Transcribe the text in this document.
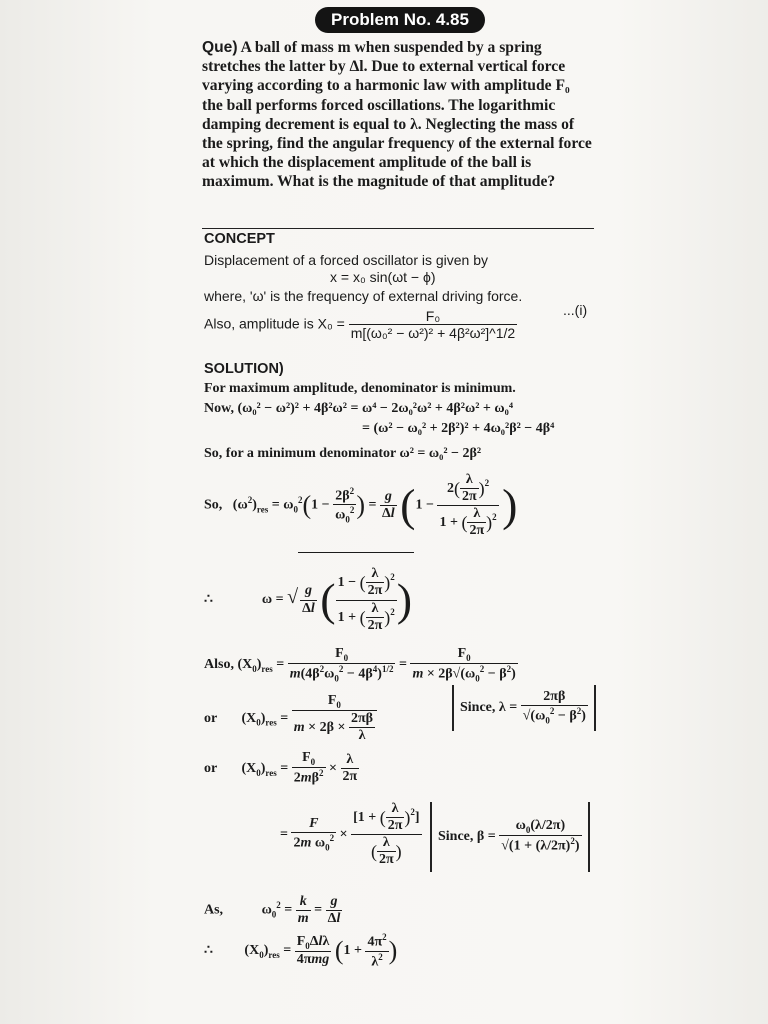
Problem No. 4.85
Que) A ball of mass m when suspended by a spring stretches the latter by Δl. Due to external vertical force varying according to a harmonic law with amplitude F₀ the ball performs forced oscillations. The logarithmic damping decrement is equal to λ. Neglecting the mass of the spring, find the angular frequency of the external force at which the displacement amplitude of the ball is maximum. What is the magnitude of that amplitude?
CONCEPT
Displacement of a forced oscillator is given by
x = x₀ sin(ωt − ϕ)
where, 'ω' is the frequency of external driving force.
Also, amplitude is $X_0 = \frac{\text{F₀}}{\text{m[(ω₀² − ω²)² + 4β²ω²]\textasciicircum{}1/2}}$	...(i)
SOLUTION)
For maximum amplitude, denominator is minimum.
Now, (ω₀² − ω²)² + 4β²ω² = ω⁴ − 2ω₀²ω² + 4β²ω² + ω₀⁴
= (ω² − ω₀² + 2β²)² + 4ω₀²β² − 4β⁴
So, for a minimum denominator ω² = ω₀² − 2β²
So,   $(\omega^2)_{res} = \omega_0^2(1 - \frac{2\beta^2}{\omega_0^2}$ ) = $\frac{g}{\Delta l} (1 - \frac{2( \frac{\lambda}{2\pi} )^2}{1 + ( \frac{\lambda}{2\pi} )^2}$ )
∴              ω = √ $\frac{g}{\Delta l}$ ( $\frac{1 - ( \frac{\lambda}{2\pi} )^2}{1 + ( \frac{\lambda}{2\pi} )^2}$ )
Also, $(X_0)_{res} = \frac{F_0}{m(4\beta^2\omega_0^2 - 4\beta^4)^{1/2}} = \frac{F_0}{m \times 2\beta√(\omega_0^2 - \beta^2)}$
or       $(X_0)_{res} = \frac{F_0}{m \times 2\beta \times \frac{2\pi\beta}{\lambda}}$	Since, $\lambda = \frac{2\pi\beta}{√(\omega_0^2 - \beta^2)}$
or       $(X_0)_{res} = \frac{F_0}{2m\beta^2} \times \frac{\lambda}{2\pi}$
= $\frac{F}{2m \omega_0^2} \times \frac{[1 + ( \frac{\lambda}{2\pi} )^2]}{( \frac{\lambda}{2\pi} )}$	Since, $\beta = \frac{\omega_0(\lambda/2\pi)}{√(1 + (\lambda/2\pi)^2)}$
As,           $\omega_0^2 = \frac{k}{m} = \frac{g}{\Delta l}$
∴         $(X_0)_{res} = \frac{F_0\Delta l\lambda}{\text{4πmg}} (1 + \frac{4\pi^2}{\lambda^2}$ )
